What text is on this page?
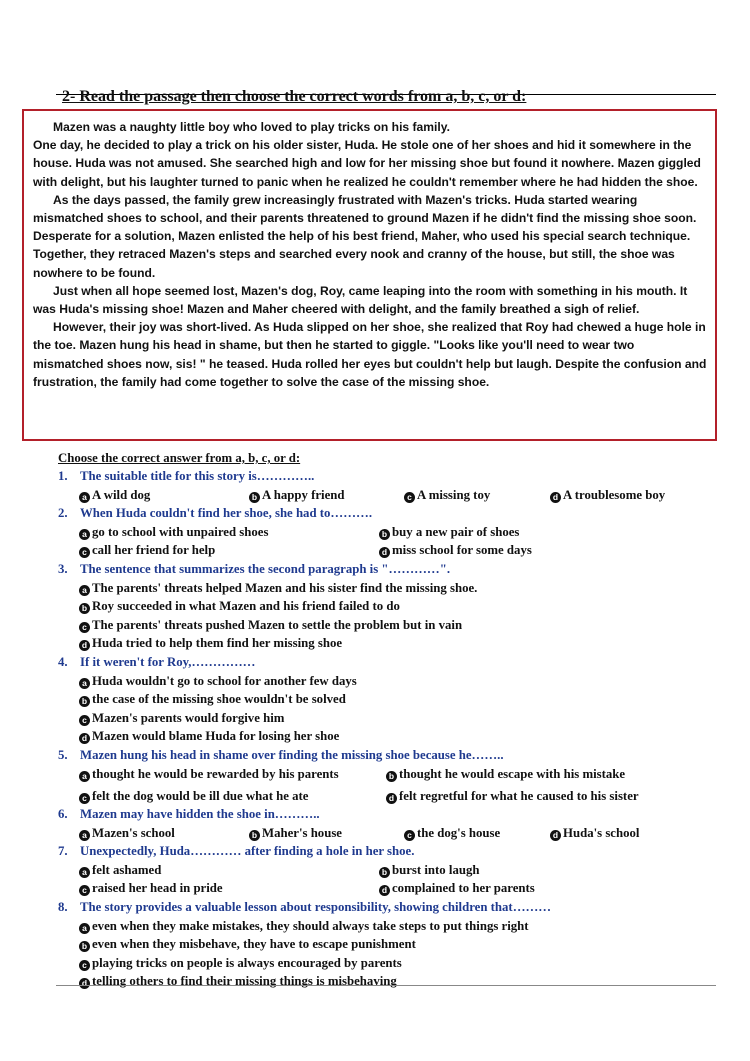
2- Read the passage then choose the correct words from a, b, c, or d:

Mazen was a naughty little boy who loved to play tricks on his family.

One day, he decided to play a trick on his older sister, Huda. He stole one of her shoes and hid it somewhere in the house. Huda was not amused. She searched high and low for her missing shoe but found it nowhere. Mazen giggled with delight, but his laughter turned to panic when he realized he couldn't remember where he had hidden the shoe.

As the days passed, the family grew increasingly frustrated with Mazen's tricks. Huda started wearing mismatched shoes to school, and their parents threatened to ground Mazen if he didn't find the missing shoe soon. Desperate for a solution, Mazen enlisted the help of his best friend, Maher, who used his special search technique. Together, they retraced Mazen's steps and searched every nook and cranny of the house, but still, the shoe was nowhere to be found.

Just when all hope seemed lost, Mazen's dog, Roy, came leaping into the room with something in his mouth. It was Huda's missing shoe! Mazen and Maher cheered with delight, and the family breathed a sigh of relief.

However, their joy was short-lived. As Huda slipped on her shoe, she realized that Roy had chewed a huge hole in the toe. Mazen hung his head in shame, but then he started to giggle. "Looks like you'll need to wear two mismatched shoes now, sis! " he teased. Huda rolled her eyes but couldn't help but laugh. Despite the confusion and frustration, the family had come together to solve the case of the missing shoe.

Choose the correct answer from a, b, c, or d:
1. The suitable title for this story is…………..
a A wild dog	b A happy friend	c A missing toy	d A troublesome boy
2. When Huda couldn't find her shoe, she had to……….
a go to school with unpaired shoes	b buy a new pair of shoes
c call her friend for help	d miss school for some days
3. The sentence that summarizes the second paragraph is "…………".
a The parents' threats helped Mazen and his sister find the missing shoe.
b Roy succeeded in what Mazen and his friend failed to do
c The parents' threats pushed Mazen to settle the problem but in vain
d Huda tried to help them find her missing shoe
4. If it weren't for Roy,……………
a Huda wouldn't go to school for another few days
b the case of the missing shoe wouldn't be solved
c Mazen's parents would forgive him
d Mazen would blame Huda for losing her shoe
5. Mazen hung his head in shame over finding the missing shoe because he……..
a thought he would be rewarded by his parents	b thought he would escape with his mistake
c felt the dog would be ill due what he ate	d felt regretful for what he caused to his sister
6. Mazen may have hidden the shoe in………..
a Mazen's school	b Maher's house	c the dog's house	d Huda's school
7. Unexpectedly, Huda………… after finding a hole in her shoe.
a felt ashamed	b burst into laugh
c raised her head in pride	d complained to her parents
8. The story provides a valuable lesson about responsibility, showing children that………
a even when they make mistakes, they should always take steps to put things right
b even when they misbehave, they have to escape punishment
c playing tricks on people is always encouraged by parents
d telling others to find their missing things is misbehaving
